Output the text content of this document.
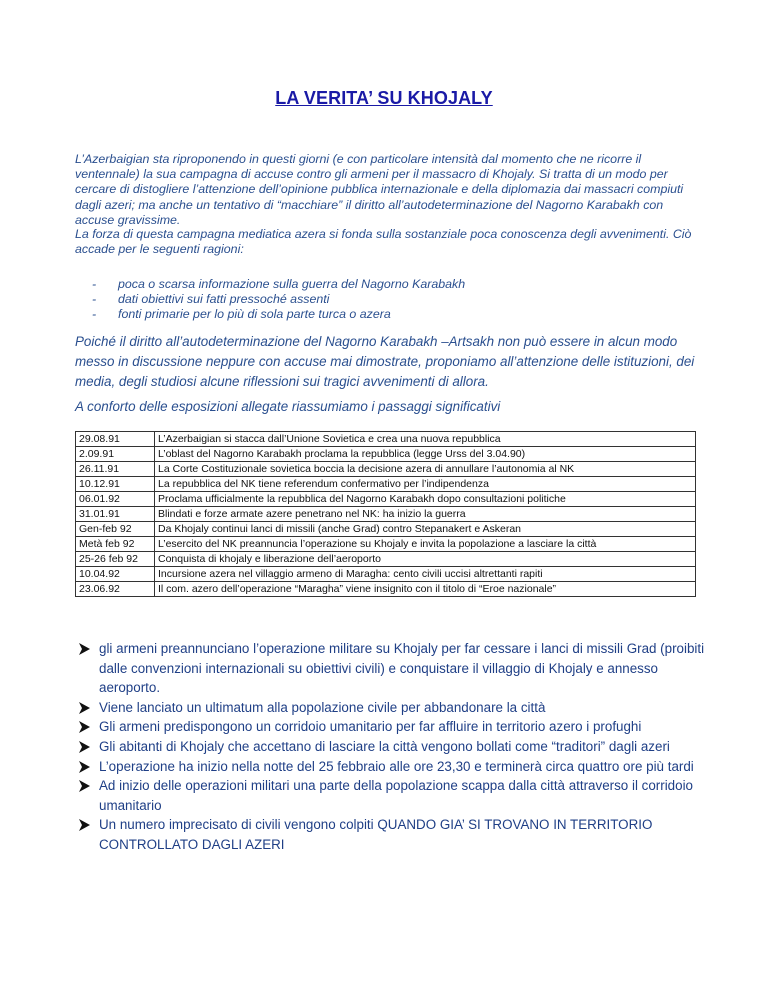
LA VERITA’ SU KHOJALY
L’Azerbaigian sta riproponendo in questi giorni (e con particolare intensità dal momento che ne ricorre il ventennale) la sua campagna di accuse contro gli armeni per il massacro di Khojaly. Si tratta di un modo per cercare di distogliere l’attenzione dell’opinione pubblica internazionale e della diplomazia dai massacri compiuti dagli azeri; ma anche un tentativo di “macchiare” il diritto all’autodeterminazione del Nagorno Karabakh con accuse gravissime.
La forza di questa campagna mediatica azera si fonda sulla sostanziale poca conoscenza degli avvenimenti. Ciò accade per le seguenti ragioni:
- poca o scarsa informazione sulla guerra del Nagorno Karabakh
- dati obiettivi sui fatti pressoché assenti
- fonti primarie per lo più di sola parte turca o azera
Poiché il diritto all’autodeterminazione del Nagorno Karabakh –Artsakh non può essere in alcun modo messo in discussione neppure con accuse mai dimostrate, proponiamo all’attenzione delle istituzioni, dei media, degli studiosi alcune riflessioni sui tragici avvenimenti di allora.
A conforto delle esposizioni allegate riassumiamo i passaggi significativi
29.08.91	L’Azerbaigian si stacca dall’Unione Sovietica e crea una nuova repubblica
2.09.91	L’oblast del Nagorno Karabakh proclama la repubblica (legge Urss del 3.04.90)
26.11.91	La Corte Costituzionale sovietica boccia la decisione azera di annullare l’autonomia al NK
10.12.91	La repubblica del NK tiene referendum confermativo per l’indipendenza
06.01.92	Proclama ufficialmente la repubblica del Nagorno Karabakh dopo consultazioni politiche
31.01.91	Blindati e forze armate azere penetrano nel NK: ha inizio la guerra
Gen-feb 92	Da Khojaly continui lanci di missili (anche Grad) contro Stepanakert e Askeran
Metà feb 92	L’esercito del NK preannuncia l’operazione su Khojaly e invita la popolazione a lasciare la città
25-26 feb 92	Conquista di khojaly e liberazione dell’aeroporto
10.04.92	Incursione azera nel villaggio armeno di Maragha: cento civili uccisi altrettanti rapiti
23.06.92	Il com. azero dell’operazione “Maragha” viene insignito con il titolo di “Eroe nazionale”
gli armeni preannunciano l’operazione militare su Khojaly per far cessare i lanci di missili Grad (proibiti dalle convenzioni internazionali su obiettivi civili) e conquistare il villaggio di Khojaly e annesso aeroporto.
Viene lanciato un ultimatum alla popolazione civile per abbandonare la città
Gli armeni predispongono un corridoio umanitario per far affluire in territorio azero i profughi
Gli abitanti di Khojaly che accettano di lasciare la città vengono bollati come “traditori” dagli azeri
L’operazione ha inizio nella notte del 25 febbraio alle ore 23,30 e terminerà circa quattro ore più tardi
Ad inizio delle operazioni militari una parte della popolazione scappa dalla città attraverso il corridoio umanitario
Un numero imprecisato di civili vengono colpiti QUANDO GIA’ SI TROVANO IN TERRITORIO CONTROLLATO DAGLI AZERI
